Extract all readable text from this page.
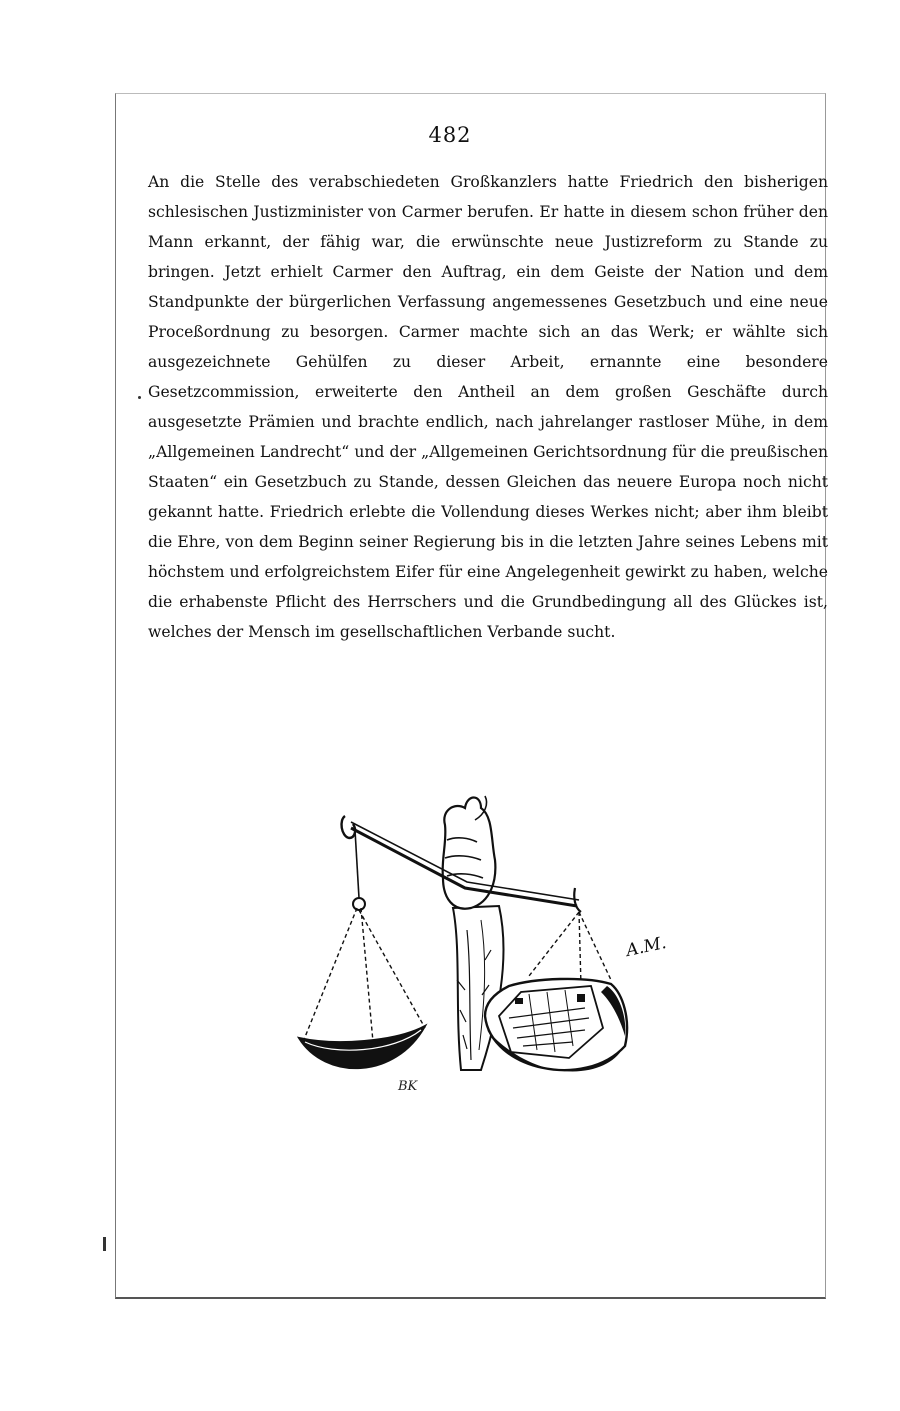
482

An die Stelle des verabschiedeten Großkanzlers hatte Friedrich den bisherigen schlesischen Justizminister von Carmer berufen. Er hatte in diesem schon früher den Mann erkannt, der fähig war, die erwünschte neue Justizreform zu Stande zu bringen. Jetzt erhielt Carmer den Auftrag, ein dem Geiste der Nation und dem Standpunkte der bürgerlichen Verfassung angemessenes Gesetzbuch und eine neue Proceßordnung zu besorgen. Carmer machte sich an das Werk; er wählte sich ausgezeichnete Gehülfen zu dieser Arbeit, ernannte eine besondere Gesetzcommission, erweiterte den Antheil an dem großen Geschäfte durch ausgesetzte Prämien und brachte endlich, nach jahrelanger rastloser Mühe, in dem „Allgemeinen Landrecht“ und der „Allgemeinen Gerichtsordnung für die preußischen Staaten“ ein Gesetzbuch zu Stande, dessen Gleichen das neuere Europa noch nicht gekannt hatte. Friedrich erlebte die Vollendung dieses Werkes nicht; aber ihm bleibt die Ehre, von dem Beginn seiner Regierung bis in die letzten Jahre seines Lebens mit höchstem und erfolgreichstem Eifer für eine Angelegenheit gewirkt zu haben, welche die erhabenste Pflicht des Herrschers und die Grundbedingung all des Glückes ist, welches der Mensch im gesellschaftlichen Verbande sucht.

A.M.
BK
